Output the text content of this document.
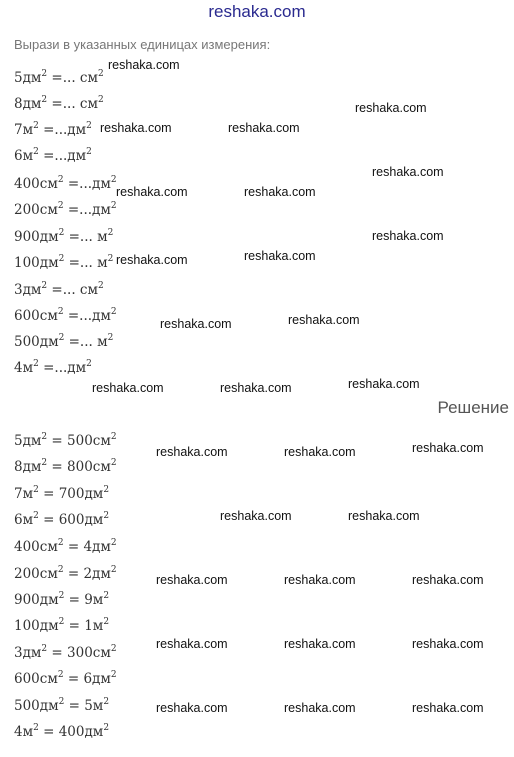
reshaka.com
Вырази в указанных единицах измерения:
$5дм^2$ =... $см^2$
$8дм^2$ =... $см^2$
$7м^2 =...дм^2$
$6м^2 =...дм^2$
$400см^2 =...дм^2$
$200см^2 =...дм^2$
$900дм^2$ =... $м^2$
$100дм^2$ =... $м^2$
$3дм^2$ =... $см^2$
$600см^2 =...дм^2$
$500дм^2$ =... $м^2$
$4м^2 =...дм^2$
Решение
$5дм^2 = 500см^2$
$8дм^2 = 800см^2$
$7м^2 = 700дм^2$
$6м^2 = 600дм^2$
$400см^2 = 4дм^2$
$200см^2 = 2дм^2$
$900дм^2 = 9м^2$
$100дм^2 = 1м^2$
$3дм^2 = 300см^2$
$600см^2 = 6дм^2$
$500дм^2 = 5м^2$
$4м^2 = 400дм^2$
reshaka.com
reshaka.com
reshaka.com	reshaka.com
reshaka.com
reshaka.com	reshaka.com
reshaka.com
reshaka.com
reshaka.com
reshaka.com
reshaka.com
reshaka.com
reshaka.com	reshaka.com
reshaka.com
reshaka.com	reshaka.com
reshaka.com	reshaka.com
reshaka.com	reshaka.com	reshaka.com
reshaka.com	reshaka.com	reshaka.com
reshaka.com	reshaka.com	reshaka.com
